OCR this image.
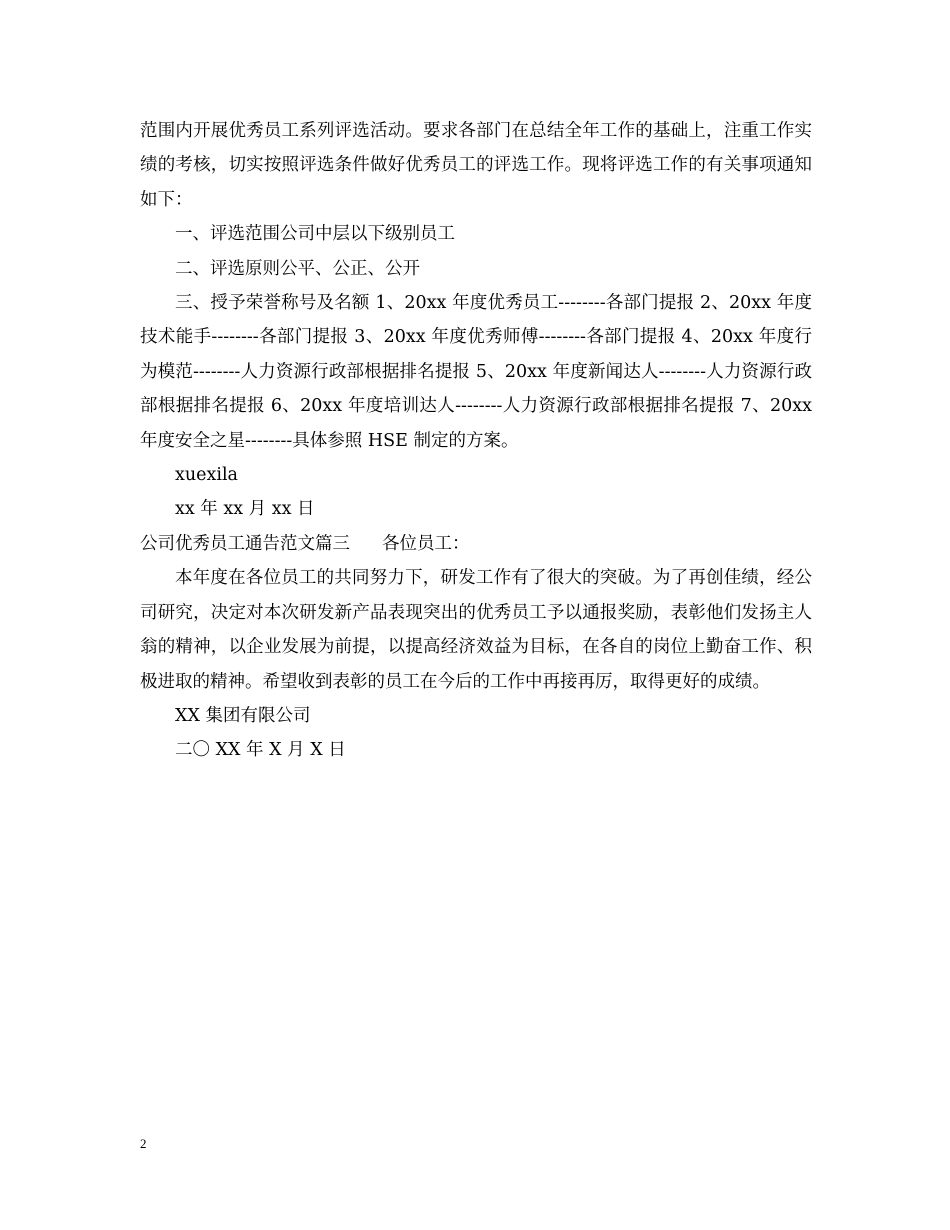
范围内开展优秀员工系列评选活动。要求各部门在总结全年工作的基础上，注重工作实绩的考核，切实按照评选条件做好优秀员工的评选工作。现将评选工作的有关事项通知如下：

一、评选范围公司中层以下级别员工

二、评选原则公平、公正、公开

三、授予荣誉称号及名额 1、20xx 年度优秀员工--------各部门提报 2、20xx 年度技术能手--------各部门提报 3、20xx 年度优秀师傅--------各部门提报 4、20xx 年度行为模范--------人力资源行政部根据排名提报 5、20xx 年度新闻达人--------人力资源行政部根据排名提报 6、20xx 年度培训达人--------人力资源行政部根据排名提报 7、20xx 年度安全之星--------具体参照 HSE 制定的方案。

xuexila

xx 年 xx 月 xx 日

公司优秀员工通告范文篇三 各位员工：

本年度在各位员工的共同努力下，研发工作有了很大的突破。为了再创佳绩，经公司研究，决定对本次研发新产品表现突出的优秀员工予以通报奖励，表彰他们发扬主人翁的精神，以企业发展为前提，以提高经济效益为目标，在各自的岗位上勤奋工作、积极进取的精神。希望收到表彰的员工在今后的工作中再接再厉，取得更好的成绩。

XX 集团有限公司

二〇 XX 年 X 月 X 日

2
